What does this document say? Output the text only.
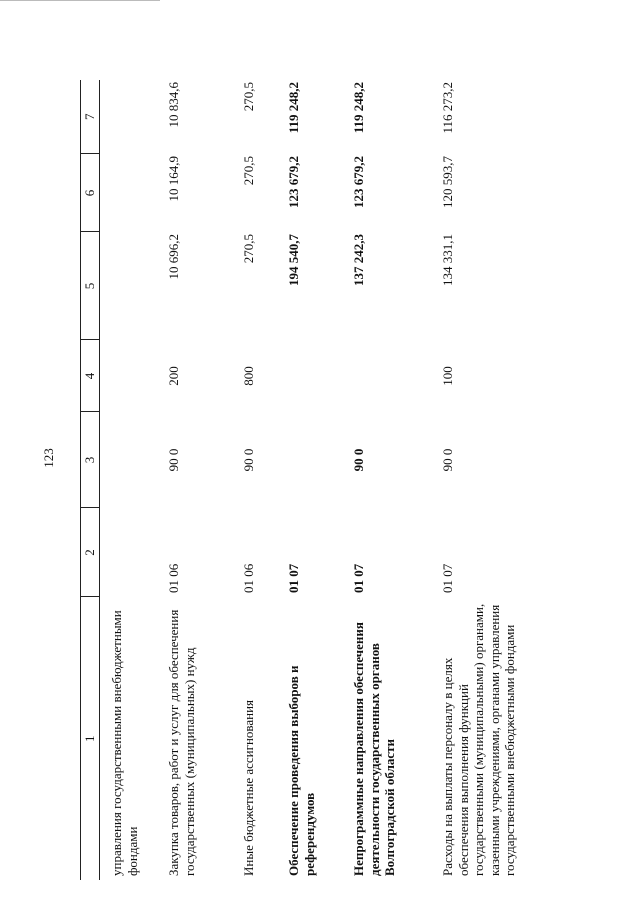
123
1	2	3	4	5	6	7
управления государственными внебюджетными фондами						
Закупка товаров, работ и услуг для обеспечения государственных (муниципальных) нужд	01 06	90 0	200	10 696,2	10 164,9	10 834,6
Иные бюджетные ассигнования	01 06	90 0	800	270,5	270,5	270,5
Обеспечение проведения выборов и референдумов	01 07			194 540,7	123 679,2	119 248,2
Непрограммные направления обеспечения деятельности государственных органов Волгоградской области	01 07	90 0		137 242,3	123 679,2	119 248,2
Расходы на выплаты персоналу в целях обеспечения выполнения функций государственными (муниципальными) органами, казенными учреждениями, органами управления государственными внебюджетными фондами	01 07	90 0	100	134 331,1	120 593,7	116 273,2
